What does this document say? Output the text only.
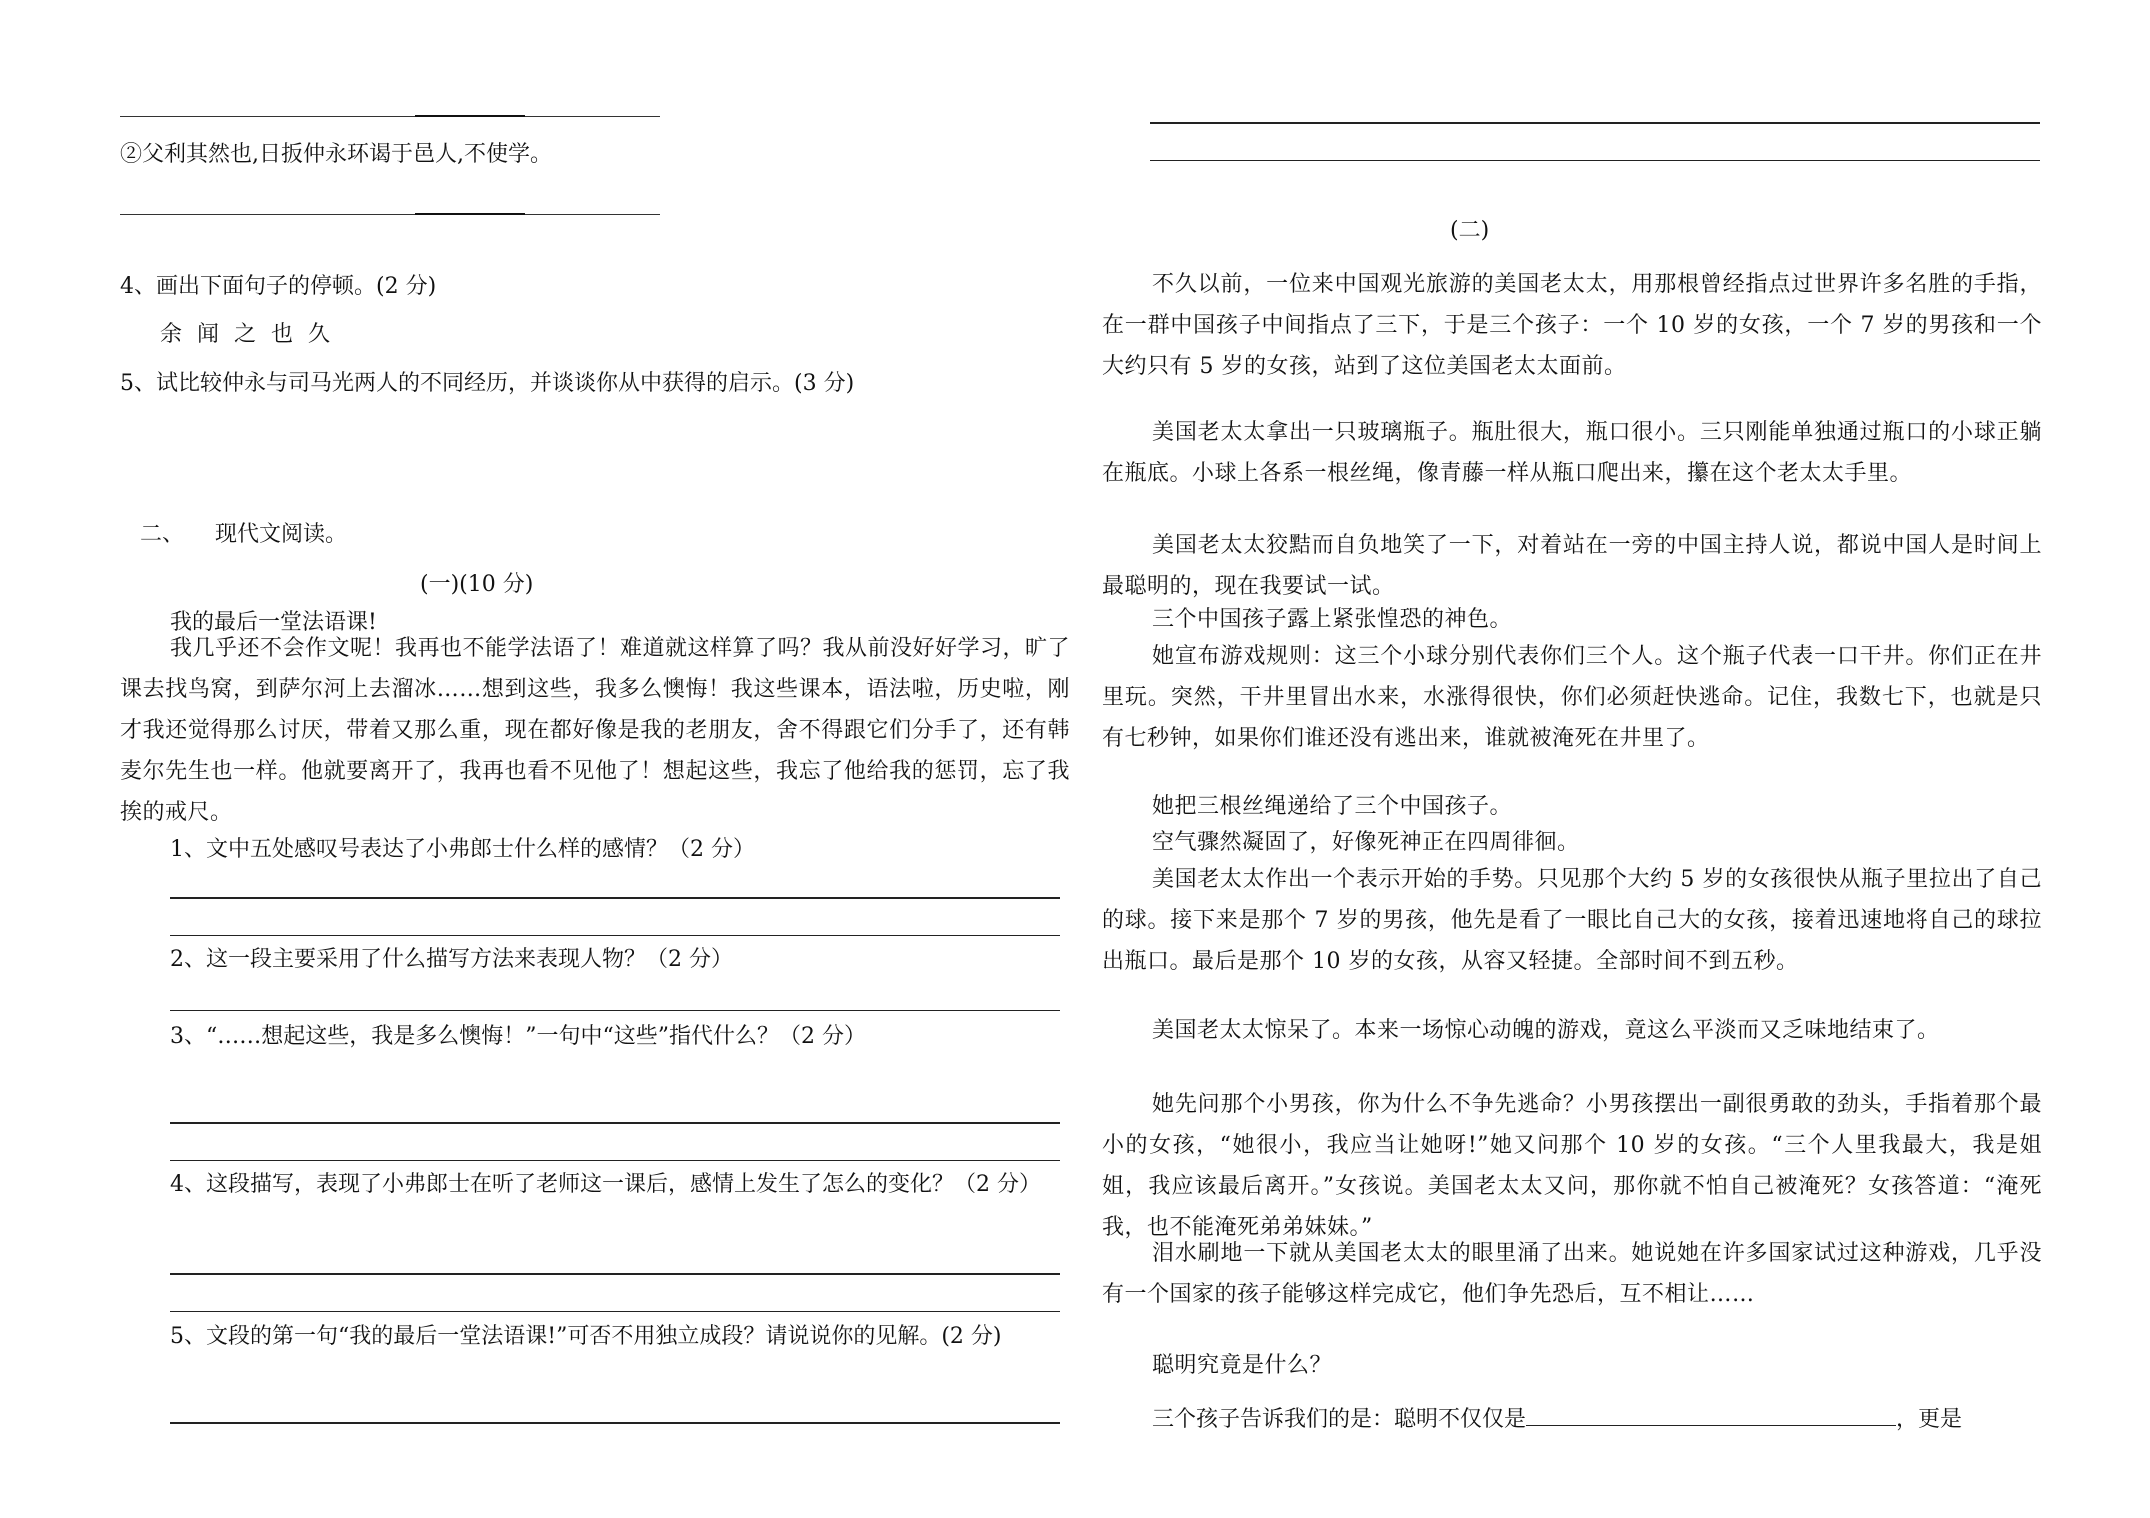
②父利其然也,日扳仲永环谒于邑人,不使学。
4、画出下面句子的停顿。(2 分)
余 闻 之 也 久
5、试比较仲永与司马光两人的不同经历，并谈谈你从中获得的启示。(3 分)
二、 现代文阅读。
(一)(10 分)
我的最后一堂法语课!
我几乎还不会作文呢！我再也不能学法语了！难道就这样算了吗？我从前没好好学习，旷了课去找鸟窝，到萨尔河上去溜冰……想到这些，我多么懊悔！我这些课本，语法啦，历史啦，刚才我还觉得那么讨厌，带着又那么重，现在都好像是我的老朋友，舍不得跟它们分手了，还有韩麦尔先生也一样。他就要离开了，我再也看不见他了！想起这些，我忘了他给我的惩罚，忘了我挨的戒尺。
1、文中五处感叹号表达了小弗郎士什么样的感情？（2 分）
2、这一段主要采用了什么描写方法来表现人物？（2 分）
3、“……想起这些，我是多么懊悔！”一句中“这些”指代什么？（2 分）
4、这段描写，表现了小弗郎士在听了老师这一课后，感情上发生了怎么的变化？（2 分）
5、文段的第一句“我的最后一堂法语课!”可否不用独立成段？请说说你的见解。(2 分)
(二)
不久以前，一位来中国观光旅游的美国老太太，用那根曾经指点过世界许多名胜的手指，在一群中国孩子中间指点了三下，于是三个孩子：一个 10 岁的女孩，一个 7 岁的男孩和一个大约只有 5 岁的女孩，站到了这位美国老太太面前。
美国老太太拿出一只玻璃瓶子。瓶肚很大，瓶口很小。三只刚能单独通过瓶口的小球正躺在瓶底。小球上各系一根丝绳，像青藤一样从瓶口爬出来，攥在这个老太太手里。
美国老太太狡黠而自负地笑了一下，对着站在一旁的中国主持人说，都说中国人是时间上最聪明的，现在我要试一试。
三个中国孩子露上紧张惶恐的神色。
她宣布游戏规则：这三个小球分别代表你们三个人。这个瓶子代表一口干井。你们正在井里玩。突然，干井里冒出水来，水涨得很快，你们必须赶快逃命。记住，我数七下，也就是只有七秒钟，如果你们谁还没有逃出来，谁就被淹死在井里了。
她把三根丝绳递给了三个中国孩子。
空气骤然凝固了，好像死神正在四周徘徊。
美国老太太作出一个表示开始的手势。只见那个大约 5 岁的女孩很快从瓶子里拉出了自己的球。接下来是那个 7 岁的男孩，他先是看了一眼比自己大的女孩，接着迅速地将自己的球拉出瓶口。最后是那个 10 岁的女孩，从容又轻捷。全部时间不到五秒。
美国老太太惊呆了。本来一场惊心动魄的游戏，竟这么平淡而又乏味地结束了。
她先问那个小男孩，你为什么不争先逃命？小男孩摆出一副很勇敢的劲头，手指着那个最小的女孩，“她很小，我应当让她呀!”她又问那个 10 岁的女孩。“三个人里我最大，我是姐姐，我应该最后离开。”女孩说。美国老太太又问，那你就不怕自己被淹死？女孩答道：“淹死我，也不能淹死弟弟妹妹。”
泪水刷地一下就从美国老太太的眼里涌了出来。她说她在许多国家试过这种游戏，几乎没有一个国家的孩子能够这样完成它，他们争先恐后，互不相让……
聪明究竟是什么？
三个孩子告诉我们的是：聪明不仅仅是	，更是
